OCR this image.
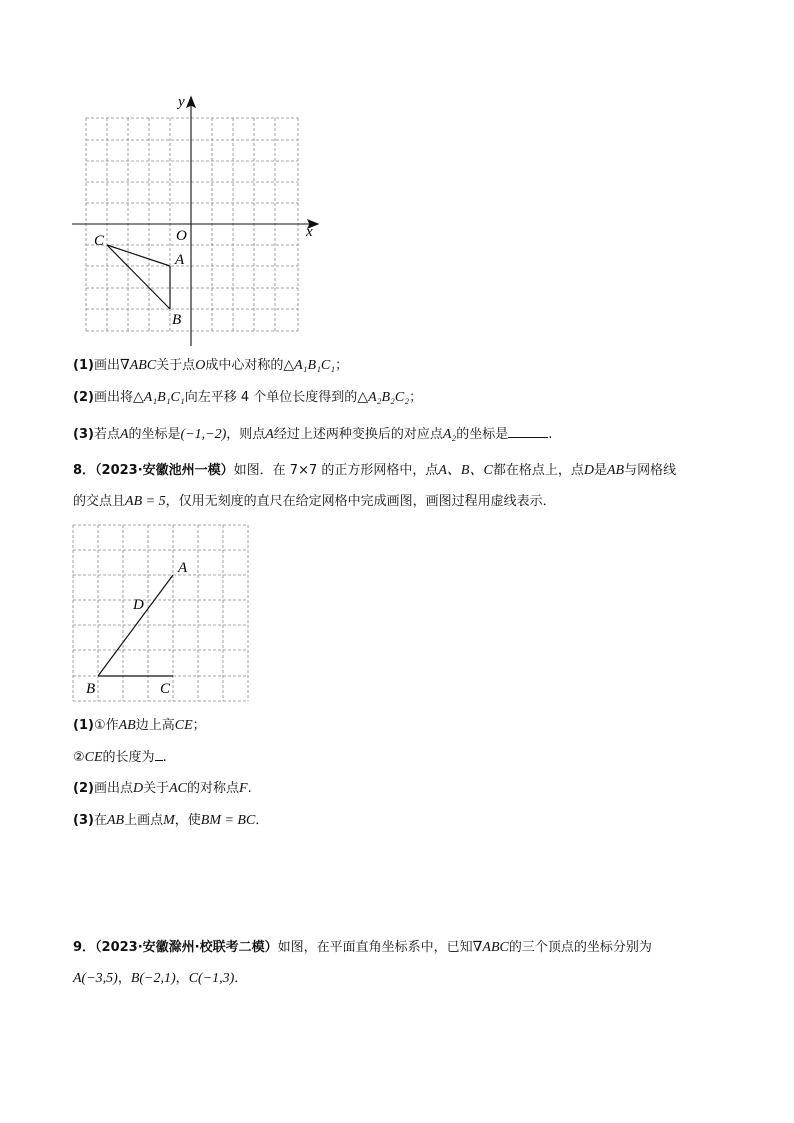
x
y
O
A
B
C
(1)画出∇ABC关于点O成中心对称的△A₁B₁C₁；
(2)画出将△A₁B₁C₁向左平移 4 个单位长度得到的△A₂B₂C₂；
(3)若点A的坐标是(−1,−2)，则点A经过上述两种变换后的对应点A₂的坐标是	.
8．（2023·安徽池州一模）如图．在 7×7 的正方形网格中，点A、B、C都在格点上，点D是AB与网格线
的交点且AB = 5，仅用无刻度的直尺在给定网格中完成画图，画图过程用虚线表示．
A
B	C
D
(1)①作AB边上高CE；
②CE的长度为 .
(2)画出点D关于AC的对称点F.
(3)在AB上画点M，使BM = BC．
9．（2023·安徽滁州·校联考二模）如图，在平面直角坐标系中，已知∇ABC的三个顶点的坐标分别为
A(−3,5)，B(−2,1)，C(−1,3)．
